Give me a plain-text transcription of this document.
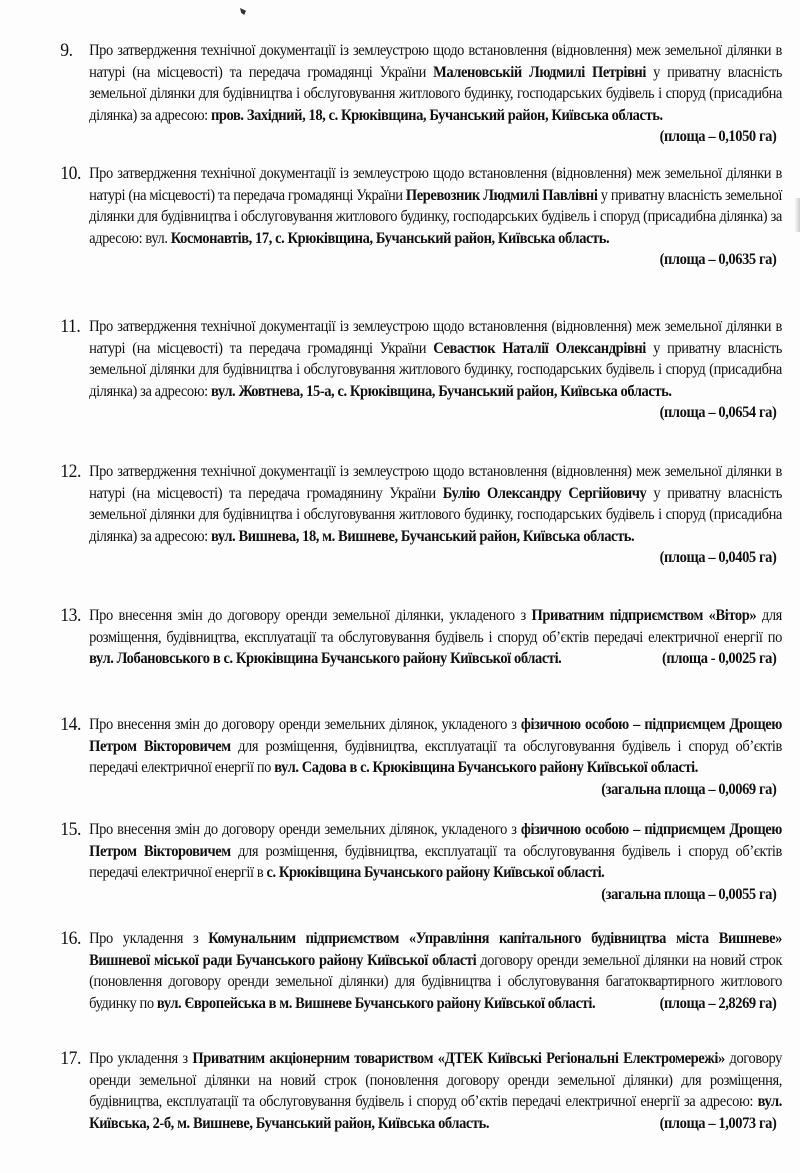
9. Про затвердження технічної документації із землеустрою щодо встановлення (відновлення) меж земельної ділянки в натурі (на місцевості) та передача громадянці України Маленовській Людмилі Петрівні у приватну власність земельної ділянки для будівництва і обслуговування житлового будинку, господарських будівель і споруд (присадибна ділянка) за адресою: пров. Західний, 18, с. Крюківщина, Бучанський район, Київська область.
(площа – 0,1050 га)

10. Про затвердження технічної документації із землеустрою щодо встановлення (відновлення) меж земельної ділянки в натурі (на місцевості) та передача громадянці України Перевозник Людмилі Павлівні у приватну власність земельної ділянки для будівництва і обслуговування житлового будинку, господарських будівель і споруд (присадибна ділянка) за адресою: вул. Космонавтів, 17, с. Крюківщина, Бучанський район, Київська область.

(площа – 0,0635 га)

11. Про затвердження технічної документації із землеустрою щодо встановлення (відновлення) меж земельної ділянки в натурі (на місцевості) та передача громадянці України Севастюк Наталії Олександрівні у приватну власність земельної ділянки для будівництва і обслуговування житлового будинку, господарських будівель і споруд (присадибна ділянка) за адресою: вул. Жовтнева, 15-а, с. Крюківщина, Бучанський район, Київська область.

(площа – 0,0654 га)

12. Про затвердження технічної документації із землеустрою щодо встановлення (відновлення) меж земельної ділянки в натурі (на місцевості) та передача громадянину України Булію Олександру Сергійовичу у приватну власність земельної ділянки для будівництва і обслуговування житлового будинку, господарських будівель і споруд (присадибна ділянка) за адресою: вул. Вишнева, 18, м. Вишневе, Бучанський район, Київська область.

(площа – 0,0405 га)

13. Про внесення змін до договору оренди земельної ділянки, укладеного з Приватним підприємством «Вітор» для розміщення, будівництва, експлуатації та обслуговування будівель і споруд об’єктів передачі електричної енергії по вул. Лобановського в с. Крюківщина Бучанського району Київської області.	(площа - 0,0025 га)

14. Про внесення змін до договору оренди земельних ділянок, укладеного з фізичною особою – підприємцем Дрощею Петром Вікторовичем для розміщення, будівництва, експлуатації та обслуговування будівель і споруд об’єктів передачі електричної енергії по вул. Садова в с. Крюківщина Бучанського району Київської області.
(загальна площа – 0,0069 га)

15. Про внесення змін до договору оренди земельних ділянок, укладеного з фізичною особою – підприємцем Дрощею Петром Вікторовичем для розміщення, будівництва, експлуатації та обслуговування будівель і споруд об’єктів передачі електричної енергії в с. Крюківщина Бучанського району Київської області.
(загальна площа – 0,0055 га)

16. Про укладення з Комунальним підприємством «Управління капітального будівництва міста Вишневе» Вишневої міської ради Бучанського району Київської області договору оренди земельної ділянки на новий строк (поновлення договору оренди земельної ділянки) для будівництва і обслуговування багатоквартирного житлового будинку по вул. Європейська в м. Вишневе Бучанського району Київської області.	(площа – 2,8269 га)

17. Про укладення з Приватним акціонерним товариством «ДТЕК Київські Регіональні Електромережі» договору оренди земельної ділянки на новий строк (поновлення договору оренди земельної ділянки) для розміщення, будівництва, експлуатації та обслуговування будівель і споруд об’єктів передачі електричної енергії за адресою: вул. Київська, 2-б, м. Вишневе, Бучанський район, Київська область.	(площа – 1,0073 га)
